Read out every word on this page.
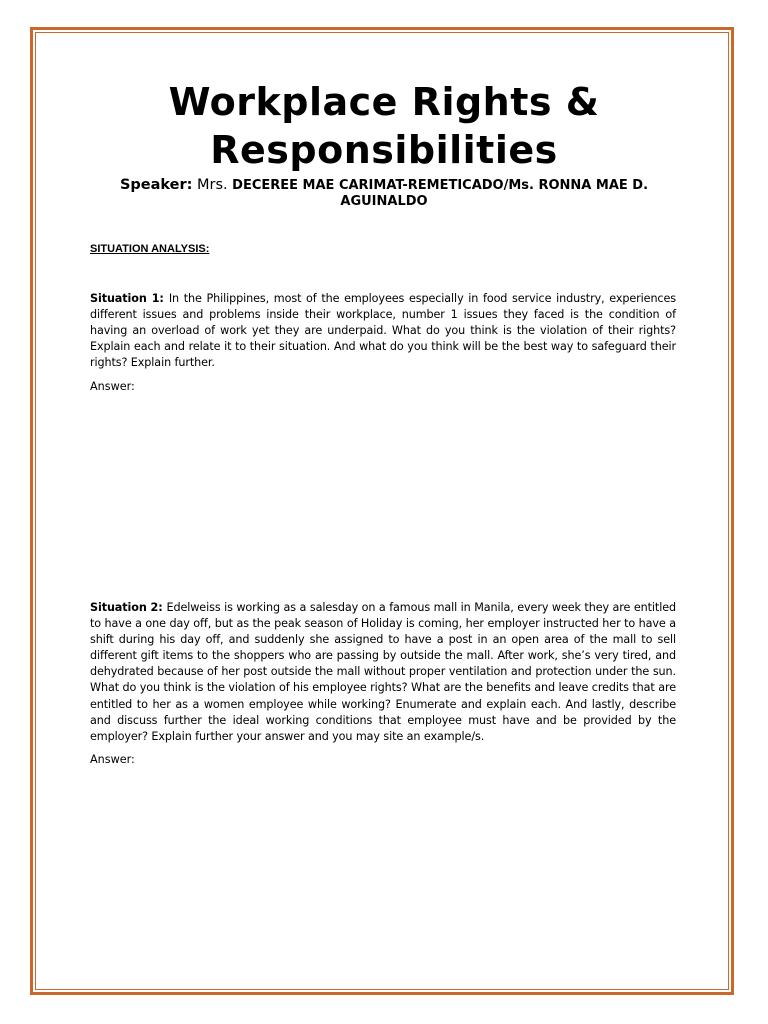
Workplace Rights &
Responsibilities
Speaker: Mrs. DECEREE MAE CARIMAT-REMETICADO/Ms. RONNA MAE D.
AGUINALDO
SITUATION ANALYSIS:
Situation 1: In the Philippines, most of the employees especially in food service industry, experiences different issues and problems inside their workplace, number 1 issues they faced is the condition of having an overload of work yet they are underpaid. What do you think is the violation of their rights? Explain each and relate it to their situation. And what do you think will be the best way to safeguard their rights? Explain further.
Answer:
Situation 2: Edelweiss is working as a salesday on a famous mall in Manila, every week they are entitled to have a one day off, but as the peak season of Holiday is coming, her employer instructed her to have a shift during his day off, and suddenly she assigned to have a post in an open area of the mall to sell different gift items to the shoppers who are passing by outside the mall. After work, she’s very tired, and dehydrated because of her post outside the mall without proper ventilation and protection under the sun. What do you think is the violation of his employee rights? What are the benefits and leave credits that are entitled to her as a women employee while working? Enumerate and explain each. And lastly, describe and discuss further the ideal working conditions that employee must have and be provided by the employer? Explain further your answer and you may site an example/s.
Answer:
